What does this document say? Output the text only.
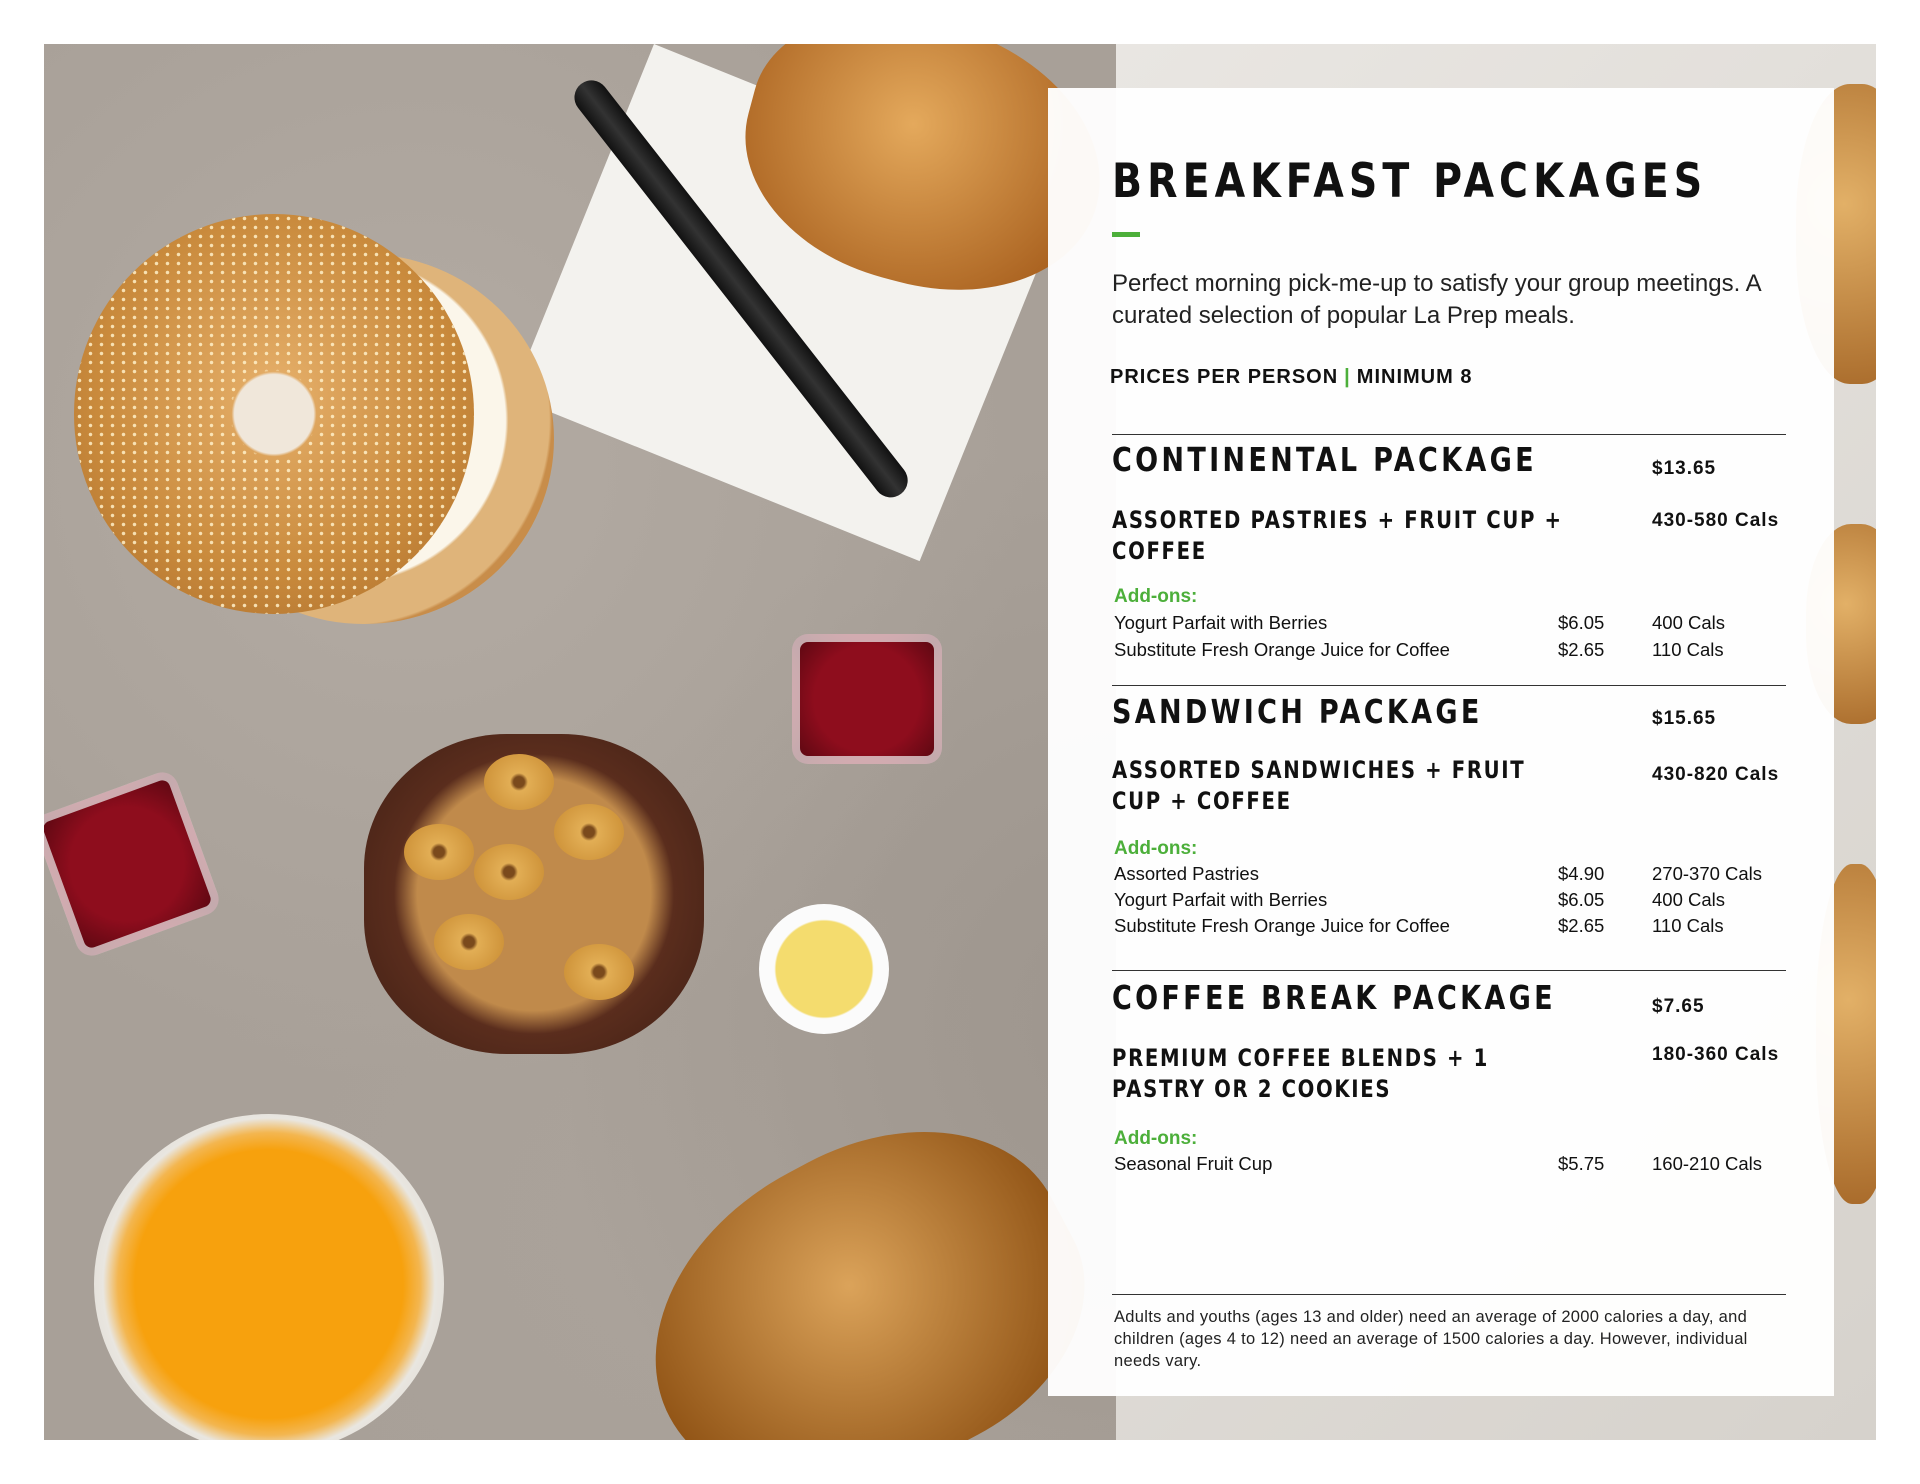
BREAKFAST PACKAGES
Perfect morning pick-me-up to satisfy your group meetings. A curated selection of popular La Prep meals.
PRICES PER PERSON | MINIMUM 8
CONTINENTAL PACKAGE	$13.65
ASSORTED PASTRIES + FRUIT CUP + COFFEE
430-580 Cals
Add-ons:
Yogurt Parfait with Berries	$6.05	400 Cals
Substitute Fresh Orange Juice for Coffee	$2.65	110 Cals
SANDWICH PACKAGE	$15.65
ASSORTED SANDWICHES + FRUIT CUP + COFFEE
430-820 Cals
Add-ons:
Assorted Pastries	$4.90	270-370 Cals
Yogurt Parfait with Berries	$6.05	400 Cals
Substitute Fresh Orange Juice for Coffee	$2.65	110 Cals
COFFEE BREAK PACKAGE	$7.65
PREMIUM COFFEE BLENDS + 1 PASTRY OR 2 COOKIES
180-360 Cals
Add-ons:
Seasonal Fruit Cup	$5.75	160-210 Cals
Adults and youths (ages 13 and older) need an average of 2000 calories a day, and children (ages 4 to 12) need an average of 1500 calories a day. However, individual needs vary.
